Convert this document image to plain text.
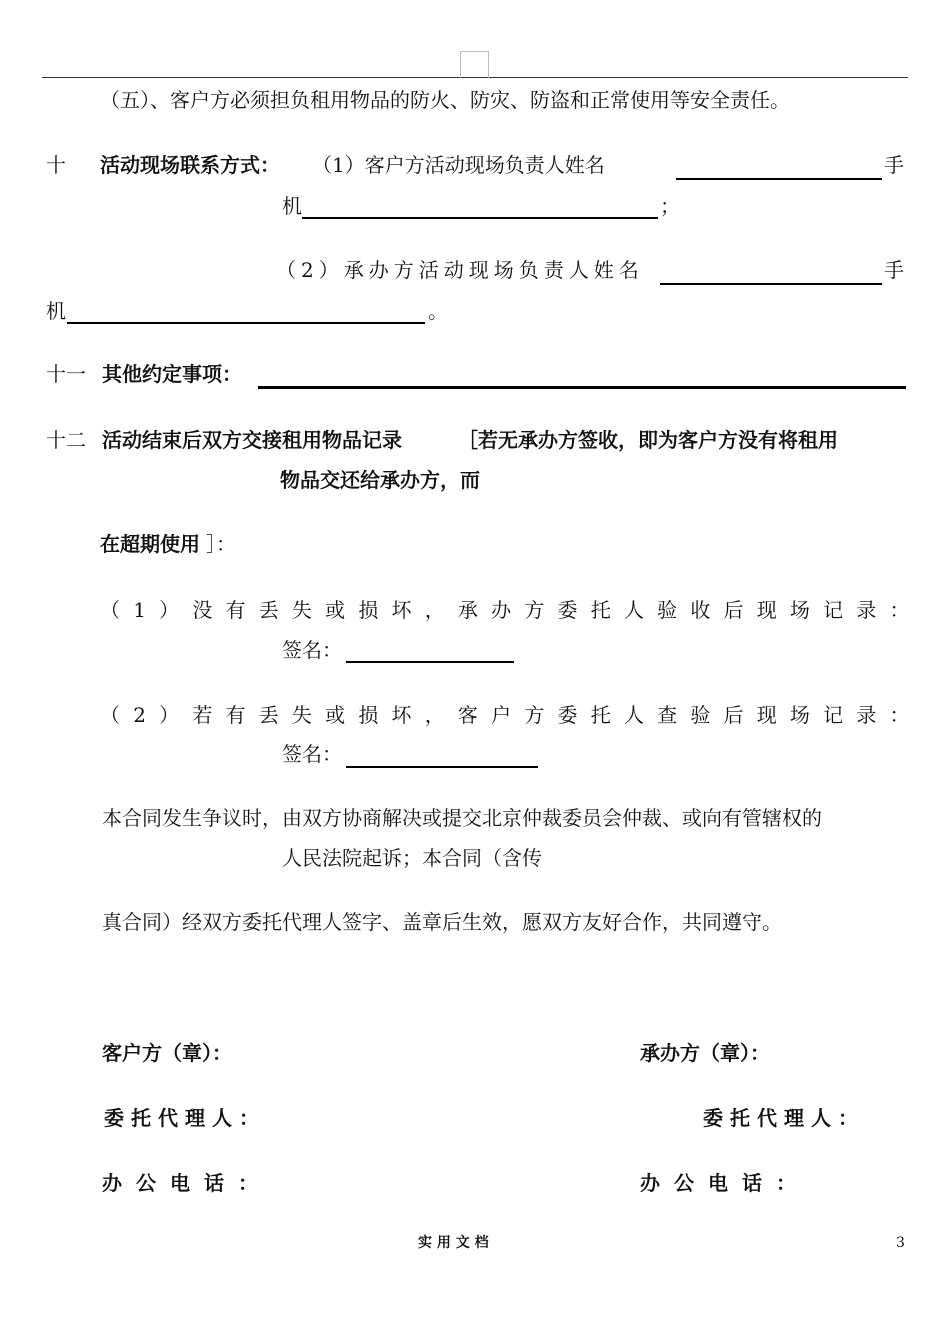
（五）、客户方必须担负租用物品的防火、防灾、防盗和正常使用等安全责任。
十 活动现场联系方式： （1）客户方活动现场负责人姓名	手
机	；
（2）承办方活动现场负责人姓名	手
机	。
十一 其他约定事项：
十二 活动结束后双方交接租用物品记录	［若无承办方签收，即为客户方没有将租用
物品交还给承办方，而
在超期使用 ］：
（1）没有丢失或损坏，承办方委托人验收后现场记录：
签名：
（2）若有丢失或损坏，客户方委托人查验后现场记录：
签名：
本合同发生争议时，由双方协商解决或提交北京仲裁委员会仲裁、或向有管辖权的
人民法院起诉；本合同（含传
真合同）经双方委托代理人签字、盖章后生效，愿双方友好合作，共同遵守。
客户方（章）：	承办方（章）：
委托代理人：	委托代理人：
办公电话：	办公电话：
实 用 文 档	3
